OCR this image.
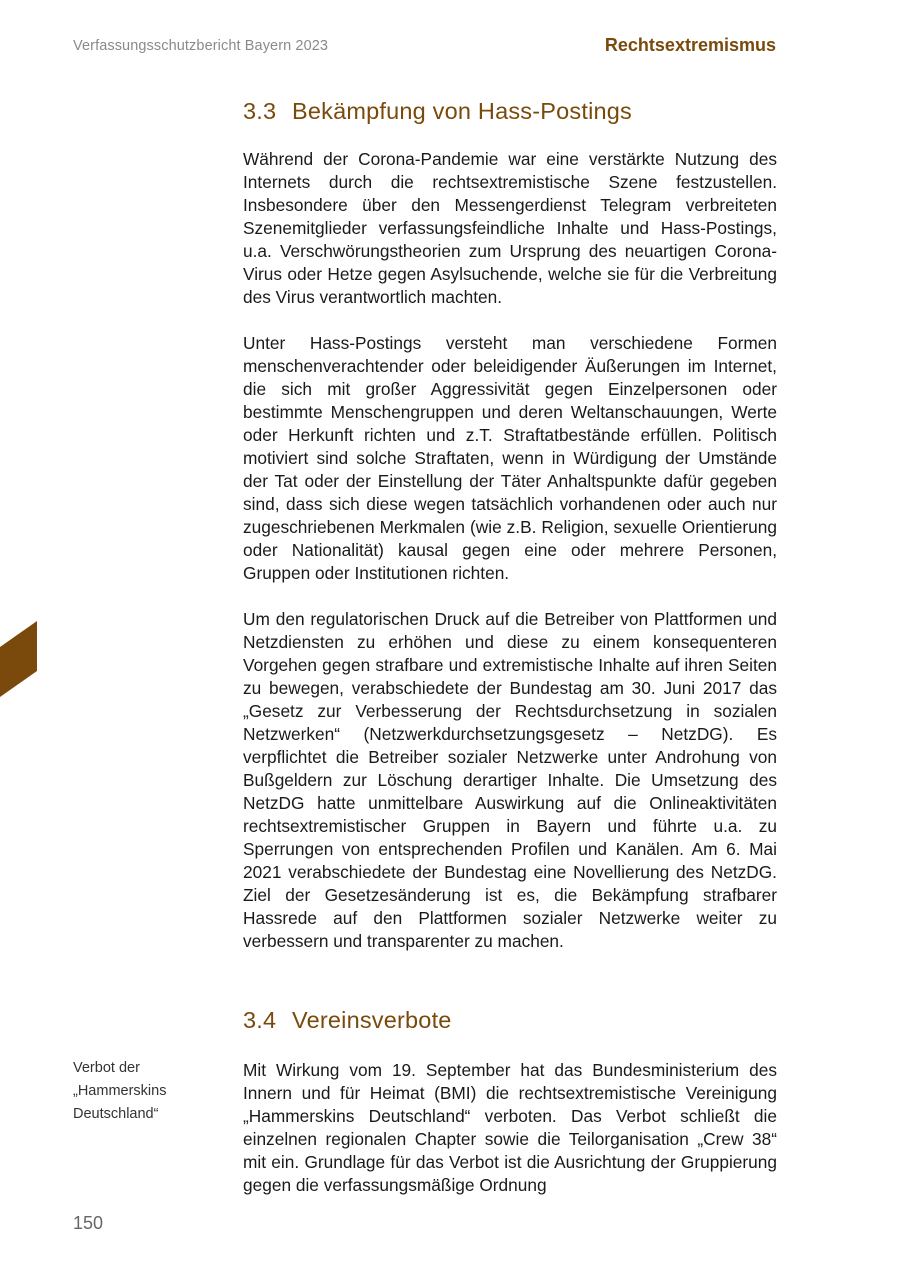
Verfassungsschutzbericht Bayern 2023	Rechtsextremismus
3.3 Bekämpfung von Hass-Postings

Während der Corona-Pandemie war eine verstärkte Nutzung des Internets durch die rechtsextremistische Szene festzustellen. Insbesondere über den Messengerdienst Telegram verbreiteten Szenemitglieder verfassungsfeindliche Inhalte und Hass-Postings, u.a. Verschwörungstheorien zum Ursprung des neuartigen Corona-Virus oder Hetze gegen Asylsuchende, welche sie für die Verbreitung des Virus verantwortlich machten.

Unter Hass-Postings versteht man verschiedene Formen menschenverachtender oder beleidigender Äußerungen im Internet, die sich mit großer Aggressivität gegen Einzelpersonen oder bestimmte Menschengruppen und deren Weltanschauungen, Werte oder Herkunft richten und z.T. Straftatbestände erfüllen. Politisch motiviert sind solche Straftaten, wenn in Würdigung der Umstände der Tat oder der Einstellung der Täter Anhaltspunkte dafür gegeben sind, dass sich diese wegen tatsächlich vorhandenen oder auch nur zugeschriebenen Merkmalen (wie z.B. Religion, sexuelle Orientierung oder Nationalität) kausal gegen eine oder mehrere Personen, Gruppen oder Institutionen richten.

Um den regulatorischen Druck auf die Betreiber von Plattformen und Netzdiensten zu erhöhen und diese zu einem konsequenteren Vorgehen gegen strafbare und extremistische Inhalte auf ihren Seiten zu bewegen, verabschiedete der Bundestag am 30. Juni 2017 das „Gesetz zur Verbesserung der Rechtsdurchsetzung in sozialen Netzwerken“ (Netzwerkdurchsetzungsgesetz – NetzDG). Es verpflichtet die Betreiber sozialer Netzwerke unter Androhung von Bußgeldern zur Löschung derartiger Inhalte. Die Umsetzung des NetzDG hatte unmittelbare Auswirkung auf die Onlineaktivitäten rechtsextremistischer Gruppen in Bayern und führte u.a. zu Sperrungen von entsprechenden Profilen und Kanälen. Am 6. Mai 2021 verabschiedete der Bundestag eine Novellierung des NetzDG. Ziel der Gesetzesänderung ist es, die Bekämpfung strafbarer Hassrede auf den Plattformen sozialer Netzwerke weiter zu verbessern und transparenter zu machen.

3.4 Vereinsverbote

Mit Wirkung vom 19. September hat das Bundesministerium des Innern und für Heimat (BMI) die rechtsextremistische Vereinigung „Hammerskins Deutschland“ verboten. Das Verbot schließt die einzelnen regionalen Chapter sowie die Teilorganisation „Crew 38“ mit ein. Grundlage für das Verbot ist die Ausrichtung der Gruppierung gegen die verfassungsmäßige Ordnung

Verbot der „Hammerskins Deutschland“
150
